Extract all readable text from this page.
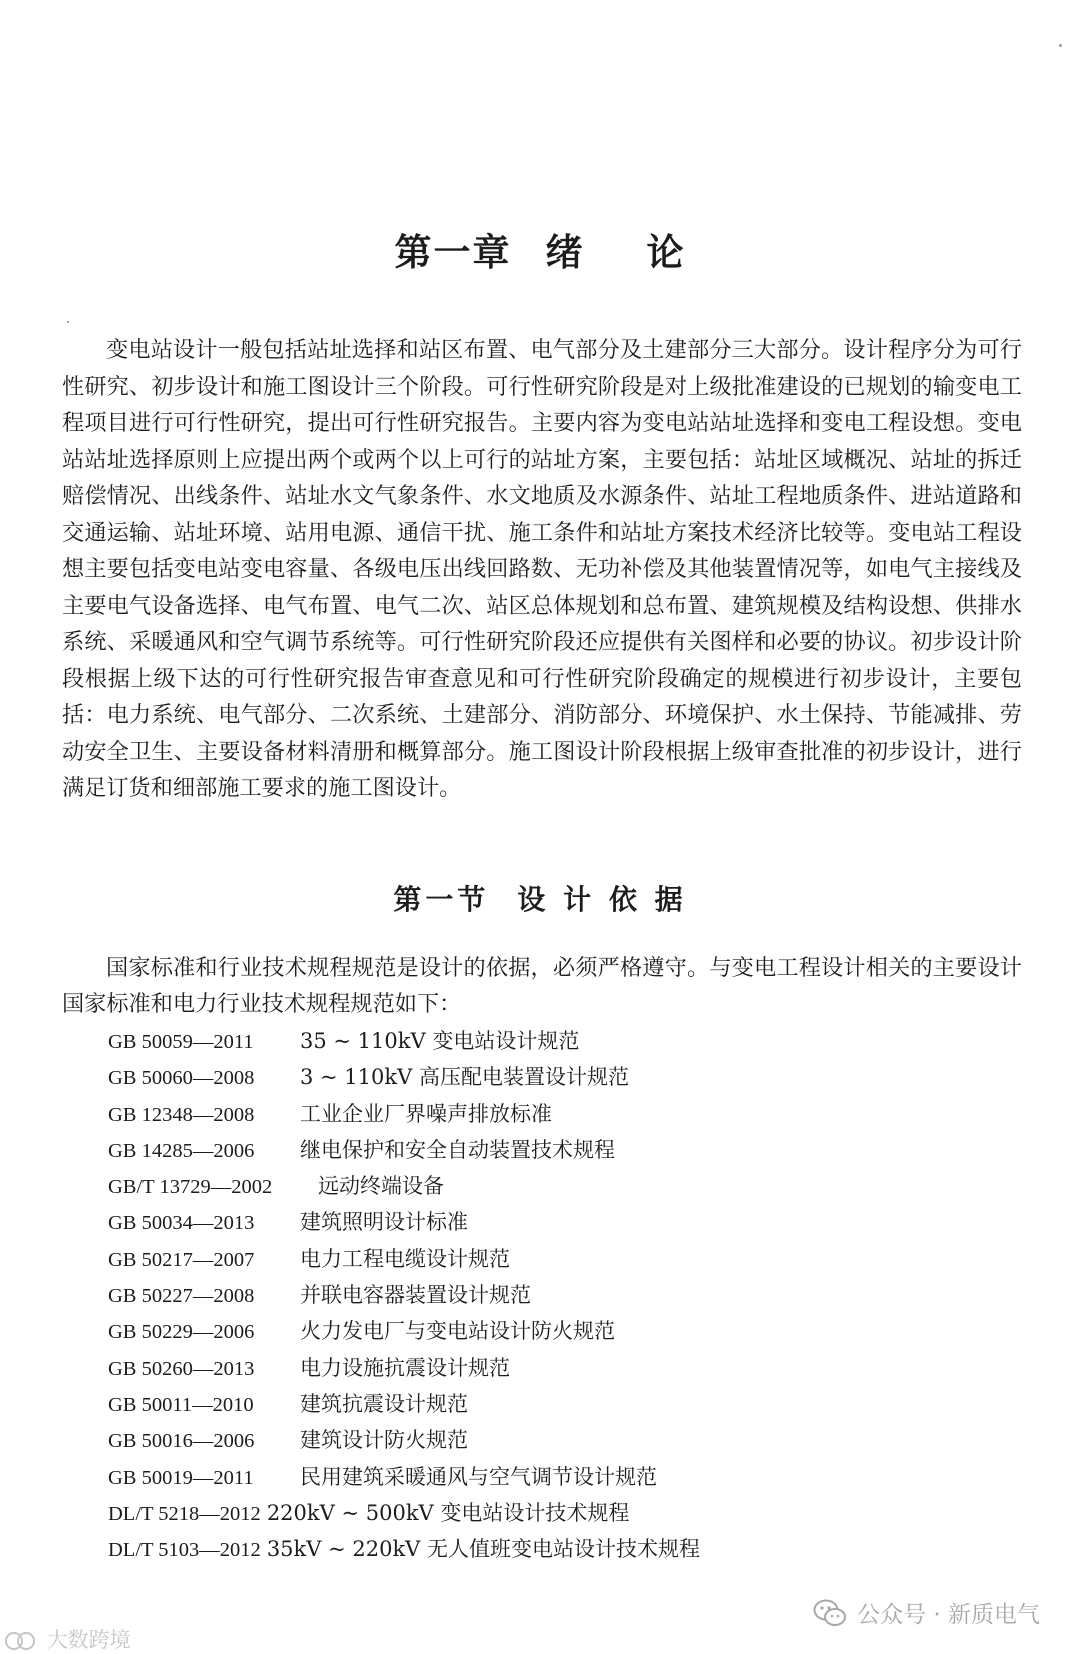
第一章 绪 论

变电站设计一般包括站址选择和站区布置、电气部分及土建部分三大部分。设计程序分为可行性研究、初步设计和施工图设计三个阶段。可行性研究阶段是对上级批准建设的已规划的输变电工程项目进行可行性研究，提出可行性研究报告。主要内容为变电站站址选择和变电工程设想。变电站站址选择原则上应提出两个或两个以上可行的站址方案，主要包括：站址区域概况、站址的拆迁赔偿情况、出线条件、站址水文气象条件、水文地质及水源条件、站址工程地质条件、进站道路和交通运输、站址环境、站用电源、通信干扰、施工条件和站址方案技术经济比较等。变电站工程设想主要包括变电站变电容量、各级电压出线回路数、无功补偿及其他装置情况等，如电气主接线及主要电气设备选择、电气布置、电气二次、站区总体规划和总布置、建筑规模及结构设想、供排水系统、采暖通风和空气调节系统等。可行性研究阶段还应提供有关图样和必要的协议。初步设计阶段根据上级下达的可行性研究报告审查意见和可行性研究阶段确定的规模进行初步设计，主要包括：电力系统、电气部分、二次系统、土建部分、消防部分、环境保护、水土保持、节能减排、劳动安全卫生、主要设备材料清册和概算部分。施工图设计阶段根据上级审查批准的初步设计，进行满足订货和细部施工要求的施工图设计。

第一节 设 计 依 据

国家标准和行业技术规程规范是设计的依据，必须严格遵守。与变电工程设计相关的主要设计国家标准和电力行业技术规程规范如下：

GB 50059—2011 35 ~ 110kV 变电站设计规范
GB 50060—2008 3 ~ 110kV 高压配电装置设计规范
GB 12348—2008 工业企业厂界噪声排放标准
GB 14285—2006 继电保护和安全自动装置技术规程
GB/T 13729—2002 远动终端设备
GB 50034—2013 建筑照明设计标准
GB 50217—2007 电力工程电缆设计规范
GB 50227—2008 并联电容器装置设计规范
GB 50229—2006 火力发电厂与变电站设计防火规范
GB 50260—2013 电力设施抗震设计规范
GB 50011—2010 建筑抗震设计规范
GB 50016—2006 建筑设计防火规范
GB 50019—2011 民用建筑采暖通风与空气调节设计规范
DL/T 5218—2012 220kV ~ 500kV 变电站设计技术规程
DL/T 5103—2012 35kV ~ 220kV 无人值班变电站设计技术规程
公众号 · 新质电气
大数跨境
